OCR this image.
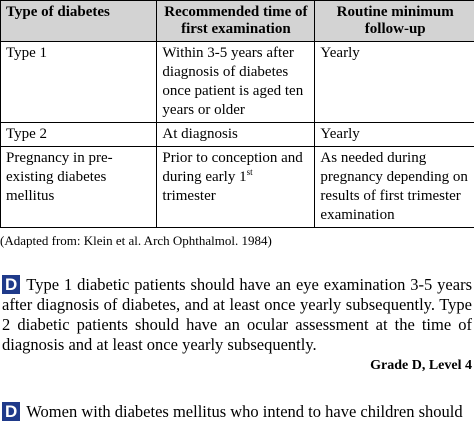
Type of diabetes	Recommended time of first examination	Routine minimum follow-up
Type 1	Within 3-5 years after diagnosis of diabetes once patient is aged ten years or older	Yearly
Type 2	At diagnosis	Yearly
Pregnancy in pre-existing diabetes mellitus	Prior to conception and during early 1st trimester	As needed during pregnancy depending on results of first trimester examination
(Adapted from: Klein et al. Arch Ophthalmol. 1984)
D Type 1 diabetic patients should have an eye examination 3-5 years after diagnosis of diabetes, and at least once yearly subsequently. Type 2 diabetic patients should have an ocular assessment at the time of diagnosis and at least once yearly subsequently.
Grade D, Level 4
D Women with diabetes mellitus who intend to have children should
